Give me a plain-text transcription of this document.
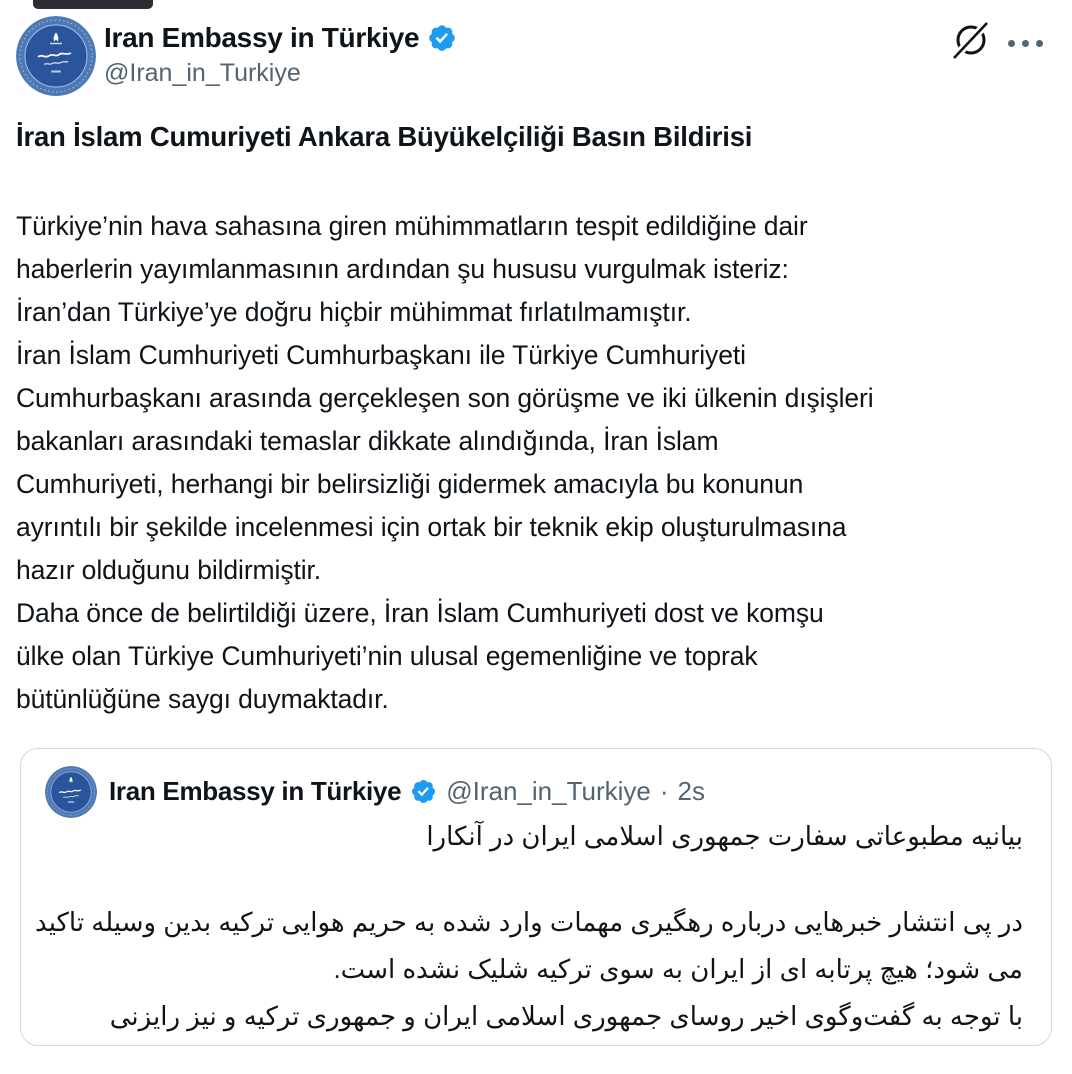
Iran Embassy in Türkiye
@Iran_in_Turkiye
İran İslam Cumuriyeti Ankara Büyükelçiliği Basın Bildirisi
Türkiye’nin hava sahasına giren mühimmatların tespit edildiğine dair
haberlerin yayımlanmasının ardından şu hususu vurgulmak isteriz:
İran’dan Türkiye’ye doğru hiçbir mühimmat fırlatılmamıştır.
İran İslam Cumhuriyeti Cumhurbaşkanı ile Türkiye Cumhuriyeti
Cumhurbaşkanı arasında gerçekleşen son görüşme ve iki ülkenin dışişleri
bakanları arasındaki temaslar dikkate alındığında, İran İslam
Cumhuriyeti, herhangi bir belirsizliği gidermek amacıyla bu konunun
ayrıntılı bir şekilde incelenmesi için ortak bir teknik ekip oluşturulmasına
hazır olduğunu bildirmiştir.
Daha önce de belirtildiği üzere, İran İslam Cumhuriyeti dost ve komşu
ülke olan Türkiye Cumhuriyeti’nin ulusal egemenliğine ve toprak
bütünlüğüne saygı duymaktadır.
Iran Embassy in Türkiye @Iran_in_Turkiye · 2s
بیانیه مطبوعاتی سفارت جمهوری اسلامی ایران در آنکارا
در پی انتشار خبرهایی درباره رهگیری مهمات وارد شده به حریم هوایی ترکیه بدین وسیله تاکید
می شود؛ هیچ پرتابه ای از ایران به سوی ترکیه شلیک نشده است.
با توجه به گفت‌وگوی اخیر روسای جمهوری اسلامی ایران و جمهوری ترکیه و نیز رایزنی
